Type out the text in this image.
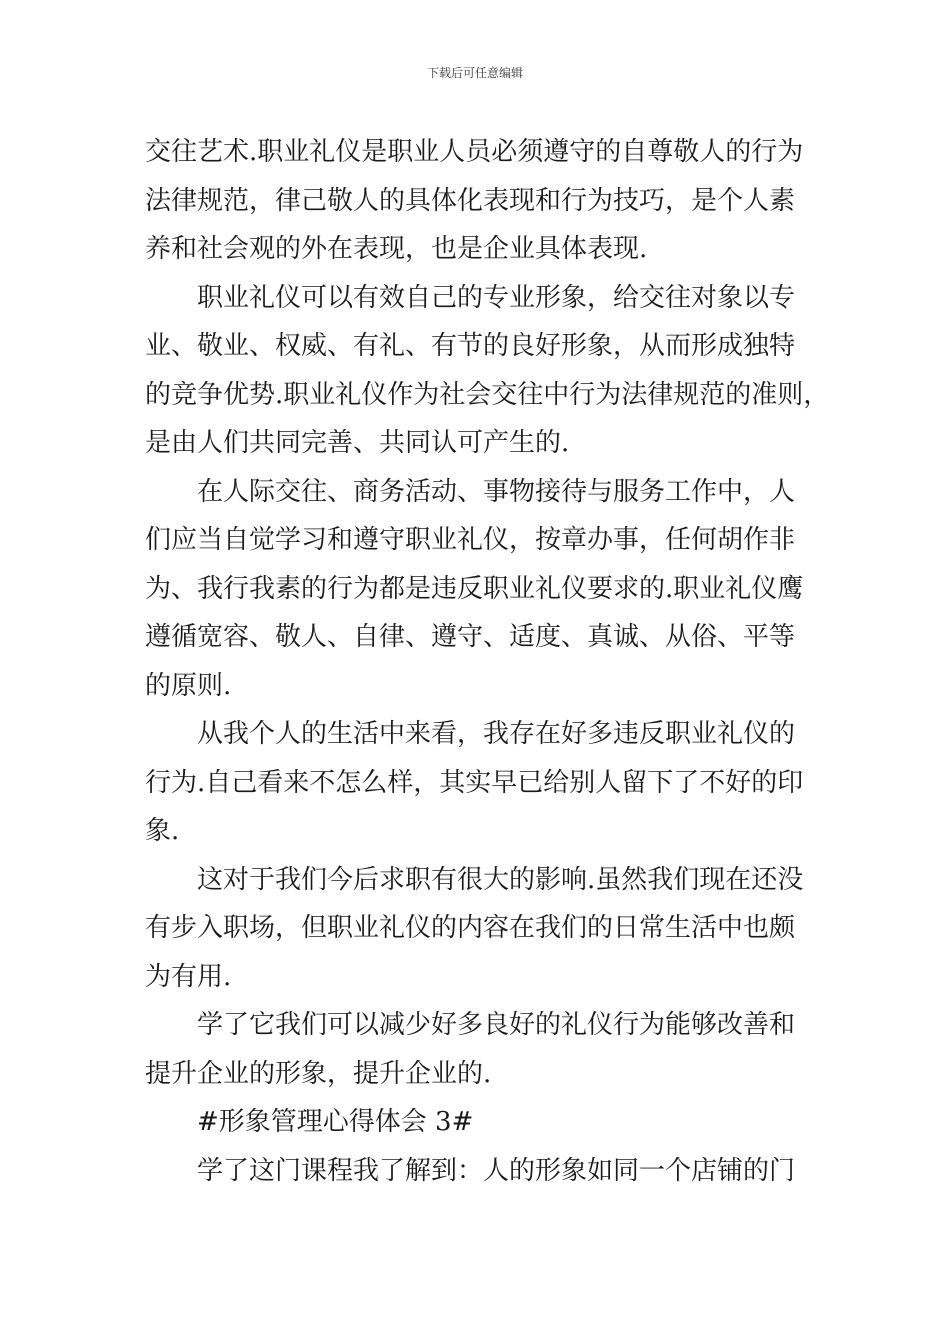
下载后可任意编辑
交往艺术.职业礼仪是职业人员必须遵守的自尊敬人的行为
法律规范，律己敬人的具体化表现和行为技巧，是个人素
养和社会观的外在表现，也是企业具体表现.
职业礼仪可以有效自己的专业形象，给交往对象以专
业、敬业、权威、有礼、有节的良好形象，从而形成独特
的竞争优势.职业礼仪作为社会交往中行为法律规范的准则，
是由人们共同完善、共同认可产生的.
在人际交往、商务活动、事物接待与服务工作中，人
们应当自觉学习和遵守职业礼仪，按章办事，任何胡作非
为、我行我素的行为都是违反职业礼仪要求的.职业礼仪鹰
遵循宽容、敬人、自律、遵守、适度、真诚、从俗、平等
的原则.
从我个人的生活中来看，我存在好多违反职业礼仪的
行为.自己看来不怎么样，其实早已给别人留下了不好的印
象.
这对于我们今后求职有很大的影响.虽然我们现在还没
有步入职场，但职业礼仪的内容在我们的日常生活中也颇
为有用.
学了它我们可以减少好多良好的礼仪行为能够改善和
提升企业的形象，提升企业的.
#形象管理心得体会 3#
学了这门课程我了解到：人的形象如同一个店铺的门
